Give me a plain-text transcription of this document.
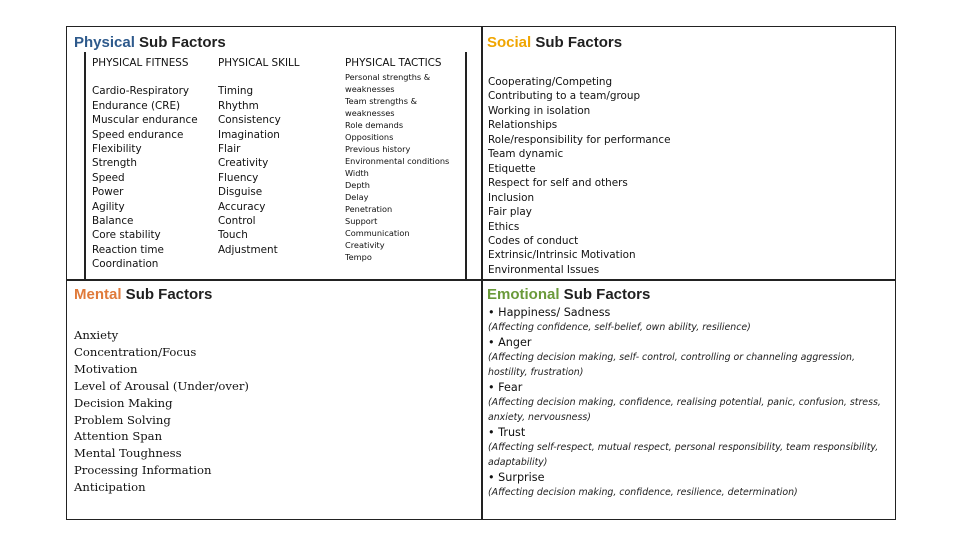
Physical Sub Factors	Social Sub Factors
PHYSICAL FITNESS
Cardio-Respiratory
Endurance (CRE)
Muscular endurance
Speed endurance
Flexibility
Strength
Speed
Power
Agility
Balance
Core stability
Reaction time
Coordination
PHYSICAL SKILL
Timing
Rhythm
Consistency
Imagination
Flair
Creativity
Fluency
Disguise
Accuracy
Control
Touch
Adjustment
PHYSICAL TACTICS
Personal strengths & weaknesses
Team strengths & weaknesses
Role demands
Oppositions
Previous history
Environmental conditions
Width
Depth
Delay
Penetration
Support
Communication
Creativity
Tempo
Cooperating/Competing
Contributing to a team/group
Working in isolation
Relationships
Role/responsibility for performance
Team dynamic
Etiquette
Respect for self and others
Inclusion
Fair play
Ethics
Codes of conduct
Extrinsic/Intrinsic Motivation
Environmental Issues
Mental Sub Factors
Anxiety
Concentration/Focus
Motivation
Level of Arousal (Under/over)
Decision Making
Problem Solving
Attention Span
Mental Toughness
Processing Information
Anticipation
Emotional Sub Factors
• Happiness/ Sadness
(Affecting confidence, self-belief, own ability, resilience)
• Anger
(Affecting decision making, self- control, controlling or channeling aggression, hostility, frustration)
• Fear
(Affecting decision making, confidence, realising potential, panic, confusion, stress, anxiety, nervousness)
• Trust
(Affecting self-respect, mutual respect, personal responsibility, team responsibility, adaptability)
• Surprise
(Affecting decision making, confidence, resilience, determination)
